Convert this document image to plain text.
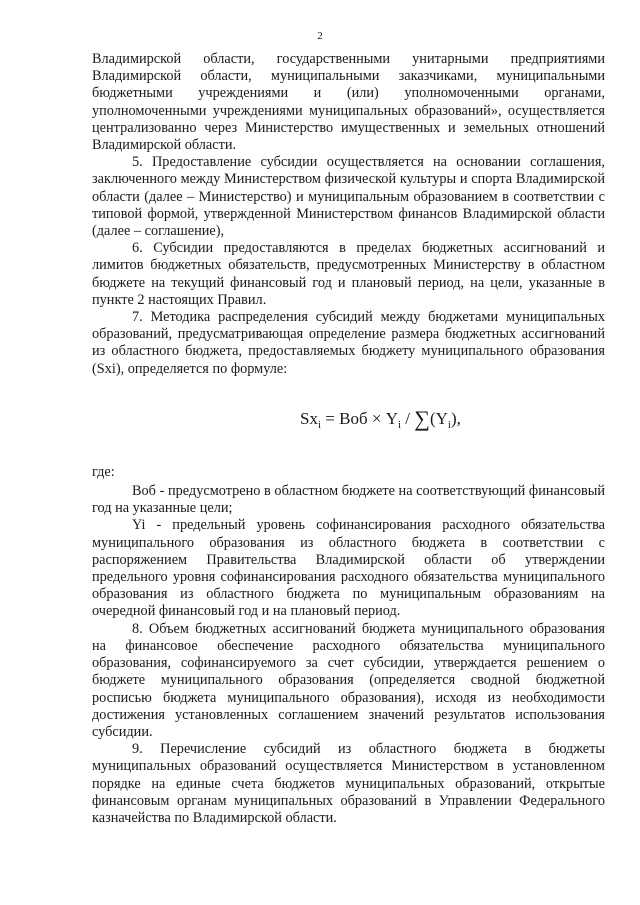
2

Владимирской области, государственными унитарными предприятиями Владимирской области, муниципальными заказчиками, муниципальными бюджетными учреждениями и (или) уполномоченными органами, уполномоченными учреждениями муниципальных образований», осуществляется централизованно через Министерство имущественных и земельных отношений Владимирской области.

5. Предоставление субсидии осуществляется на основании соглашения, заключенного между Министерством физической культуры и спорта Владимирской области (далее – Министерство) и муниципальным образованием в соответствии с типовой формой, утвержденной Министерством финансов Владимирской области (далее – соглашение),

6. Субсидии предоставляются в пределах бюджетных ассигнований и лимитов бюджетных обязательств, предусмотренных Министерству в областном бюджете на текущий финансовый год и плановый период, на цели, указанные в пункте 2 настоящих Правил.

7. Методика распределения субсидий между бюджетами муниципальных образований, предусматривающая определение размера бюджетных ассигнований из областного бюджета, предоставляемых бюджету муниципального образования (Sxi), определяется по формуле:

$Sx_i$ = Воб × $Y_i / \sum(Y_i)$,

где:

Воб - предусмотрено в областном бюджете на соответствующий финансовый год на указанные цели;

Yi - предельный уровень софинансирования расходного обязательства муниципального образования из областного бюджета в соответствии с распоряжением Правительства Владимирской области об утверждении предельного уровня софинансирования расходного обязательства муниципального образования из областного бюджета по муниципальным образованиям на очередной финансовый год и на плановый период.

8. Объем бюджетных ассигнований бюджета муниципального образования на финансовое обеспечение расходного обязательства муниципального образования, софинансируемого за счет субсидии, утверждается решением о бюджете муниципального образования (определяется сводной бюджетной росписью бюджета муниципального образования), исходя из необходимости достижения установленных соглашением значений результатов использования субсидии.

9. Перечисление субсидий из областного бюджета в бюджеты муниципальных образований осуществляется Министерством в установленном порядке на единые счета бюджетов муниципальных образований, открытые финансовым органам муниципальных образований в Управлении Федерального казначейства по Владимирской области.
